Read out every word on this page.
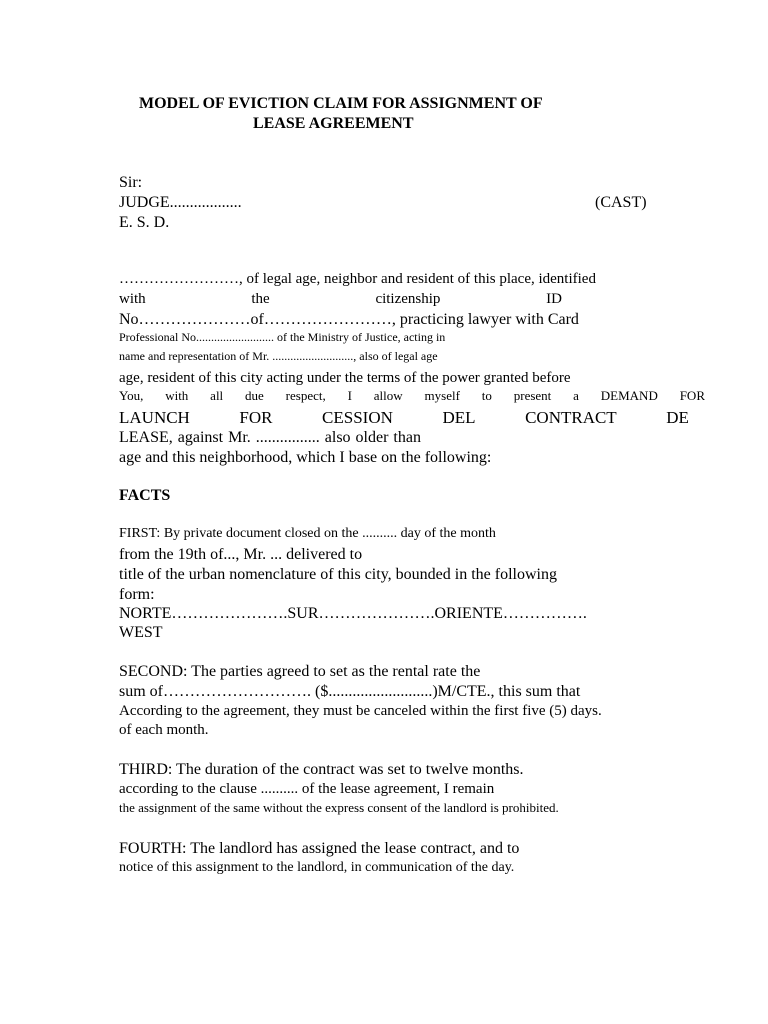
MODEL OF EVICTION CLAIM FOR ASSIGNMENT OF
LEASE AGREEMENT
Sir:
JUDGE..................	(CAST)
E. S. D.
……………………, of legal age, neighbor and resident of this place, identified
with	the	citizenship	ID
No…………………of……………………, practicing lawyer with Card
Professional No.......................... of the Ministry of Justice, acting in
name and representation of Mr. ..........................., also of legal age
age, resident of this city acting under the terms of the power granted before
You, with all due respect, I allow myself to present a DEMAND FOR
LAUNCH	FOR	CESSION	DEL	CONTRACT	DE
LEASE, against Mr. ................ also older than
age and this neighborhood, which I base on the following:
FACTS
FIRST: By private document closed on the .......... day of the month
from the 19th of..., Mr. ... delivered to
title of the urban nomenclature of this city, bounded in the following
form:
NORTE………………….SUR………………….ORIENTE…………….
WEST
SECOND: The parties agreed to set as the rental rate the
sum of………………………. ($..........................)M/CTE., this sum that
According to the agreement, they must be canceled within the first five (5) days.
of each month.
THIRD: The duration of the contract was set to twelve months.
according to the clause .......... of the lease agreement, I remain
the assignment of the same without the express consent of the landlord is prohibited.
FOURTH: The landlord has assigned the lease contract, and to
notice of this assignment to the landlord, in communication of the day.
